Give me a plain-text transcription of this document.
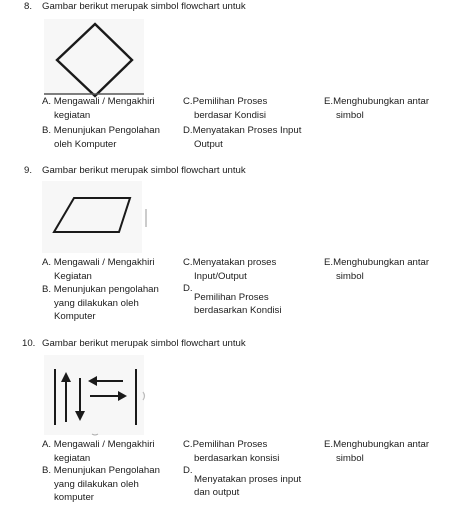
8. Gambar berikut merupak simbol flowchart untuk
A. Mengawali / Mengakhiri
kegiatan
B. Menunjukan Pengolahan
oleh Komputer
C.Pemilihan Proses
berdasar Kondisi
D.Menyatakan Proses Input
Output
E.Menghubungkan antar
simbol
9. Gambar berikut merupak simbol flowchart untuk
A. Mengawali / Mengakhiri
Kegiatan
B. Menunjukan pengolahan
yang dilakukan oleh
Komputer
C.Menyatakan proses
Input/Output
D.
Pemilihan Proses
berdasarkan Kondisi
E.Menghubungkan antar
simbol
10. Gambar berikut merupak simbol flowchart untuk
A. Mengawali / Mengakhiri
kegiatan
B. Menunjukan Pengolahan
yang dilakukan oleh
komputer
C.Pemilihan Proses
berdasarkan konsisi
D.
Menyatakan proses input
dan output
E.Menghubungkan antar
simbol
